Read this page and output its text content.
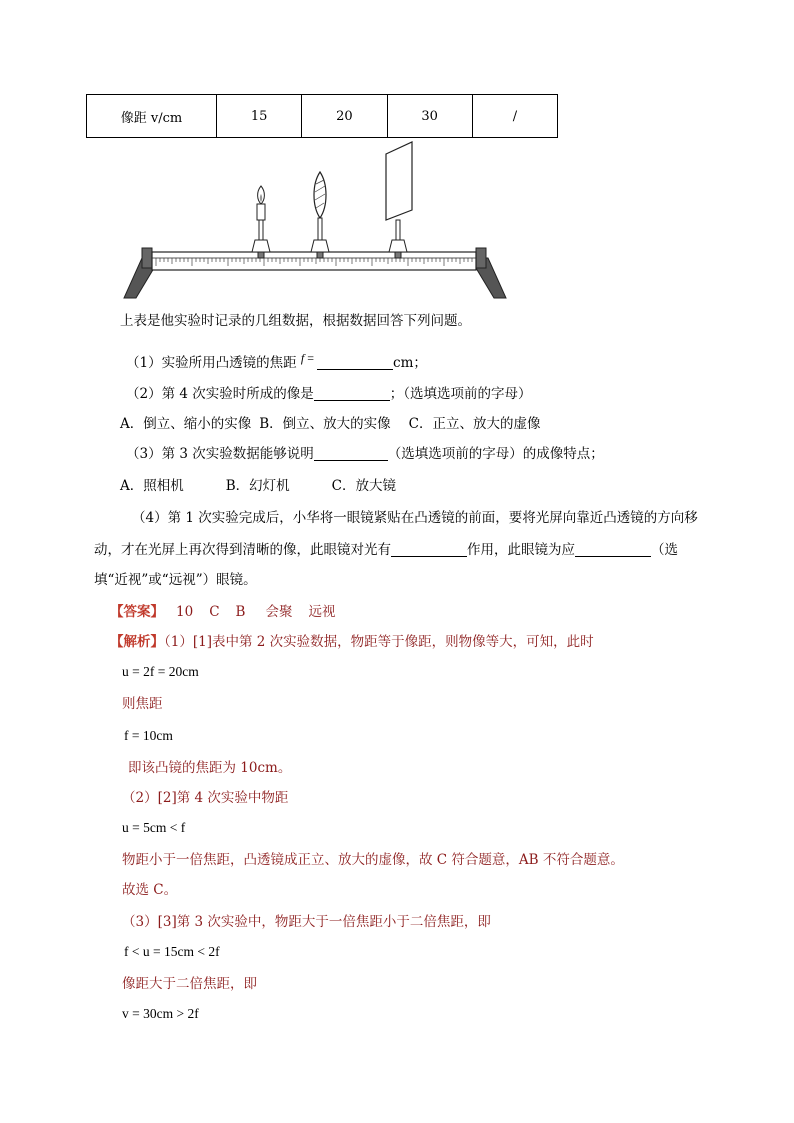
像距 v/cm	15	20	30	/
上表是他实验时记录的几组数据，根据数据回答下列问题。
（1）实验所用凸透镜的焦距 f =	cm；
（2）第 4 次实验时所成的像是	；（选填选项前的字母）
A．倒立、缩小的实像 B．倒立、放大的实像 C．正立、放大的虚像
（3）第 3 次实验数据能够说明	（选填选项前的字母）的成像特点；
A．照相机	B．幻灯机	C．放大镜
（4）第 1 次实验完成后，小华将一眼镜紧贴在凸透镜的前面，要将光屏向靠近凸透镜的方向移
动，才在光屏上再次得到清晰的像，此眼镜对光有	作用，此眼镜为应	（选
填“近视”或“远视”）眼镜。
【答案】 10 C B 会聚 远视
【解析】（1）[1]表中第 2 次实验数据，物距等于像距，则物像等大，可知，此时
u = 2f = 20cm
则焦距
f = 10cm
即该凸镜的焦距为 10cm。
（2）[2]第 4 次实验中物距
u = 5cm < f
物距小于一倍焦距，凸透镜成正立、放大的虚像，故 C 符合题意，AB 不符合题意。
故选 C。
（3）[3]第 3 次实验中，物距大于一倍焦距小于二倍焦距，即
f < u = 15cm < 2f
像距大于二倍焦距，即
v = 30cm > 2f
